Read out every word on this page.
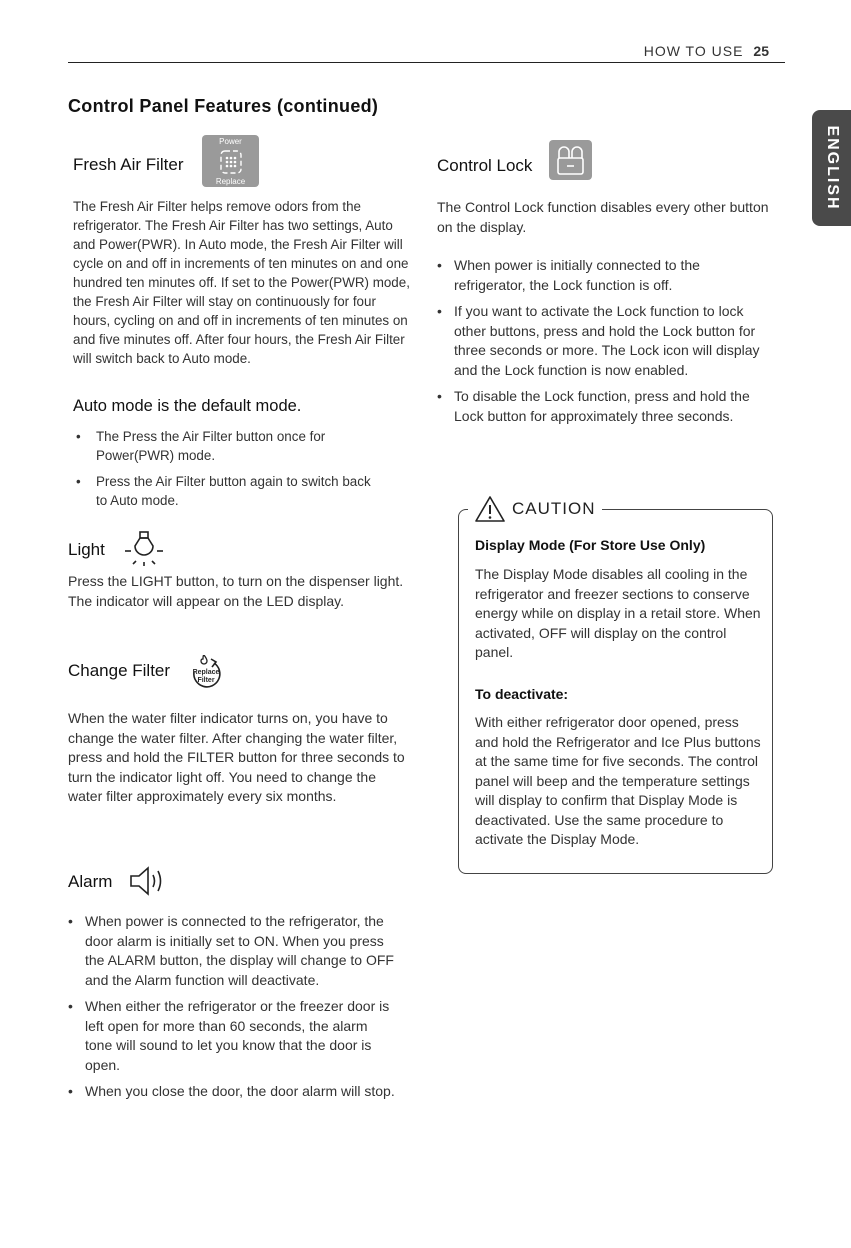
HOW TO USE 25
ENGLISH
Control Panel Features (continued)
Fresh Air Filter
Power
Replace
The Fresh Air Filter helps remove odors from the refrigerator. The Fresh Air Filter has two settings, Auto and Power(PWR). In Auto mode, the Fresh Air Filter will cycle on and off in increments of ten minutes on and one hundred ten minutes off. If set to the Power(PWR) mode, the Fresh Air Filter will stay on continuously for four hours, cycling on and off in increments of ten minutes on and five minutes off. After four hours, the Fresh Air Filter will switch back to Auto mode.
Auto mode is the default mode.
• The Press the Air Filter button once for Power(PWR) mode.
• Press the Air Filter button again to switch back to Auto mode.
Light
Press the LIGHT button, to turn on the dispenser light. The indicator will appear on the LED display.
Change Filter	Replace
Filter
When the water filter indicator turns on, you have to change the water filter. After changing the water filter, press and hold the FILTER button for three seconds to turn the indicator light off. You need to change the water filter approximately every six months.
Alarm
• When power is connected to the refrigerator, the door alarm is initially set to ON. When you press the ALARM button, the display will change to OFF and the Alarm function will deactivate.
• When either the refrigerator or the freezer door is left open for more than 60 seconds, the alarm tone will sound to let you know that the door is open.
• When you close the door, the door alarm will stop.
Control Lock
The Control Lock function disables every other button on the display.
• When power is initially connected to the refrigerator, the Lock function is off.
• If you want to activate the Lock function to lock other buttons, press and hold the Lock button for three seconds or more. The Lock icon will display and the Lock function is now enabled.
• To disable the Lock function, press and hold the Lock button for approximately three seconds.
CAUTION
Display Mode (For Store Use Only)
The Display Mode disables all cooling in the refrigerator and freezer sections to conserve energy while on display in a retail store. When activated, OFF will display on the control panel.
To deactivate:
With either refrigerator door opened, press and hold the Refrigerator and Ice Plus buttons at the same time for five seconds. The control panel will beep and the temperature settings will display to confirm that Display Mode is deactivated. Use the same procedure to activate the Display Mode.
